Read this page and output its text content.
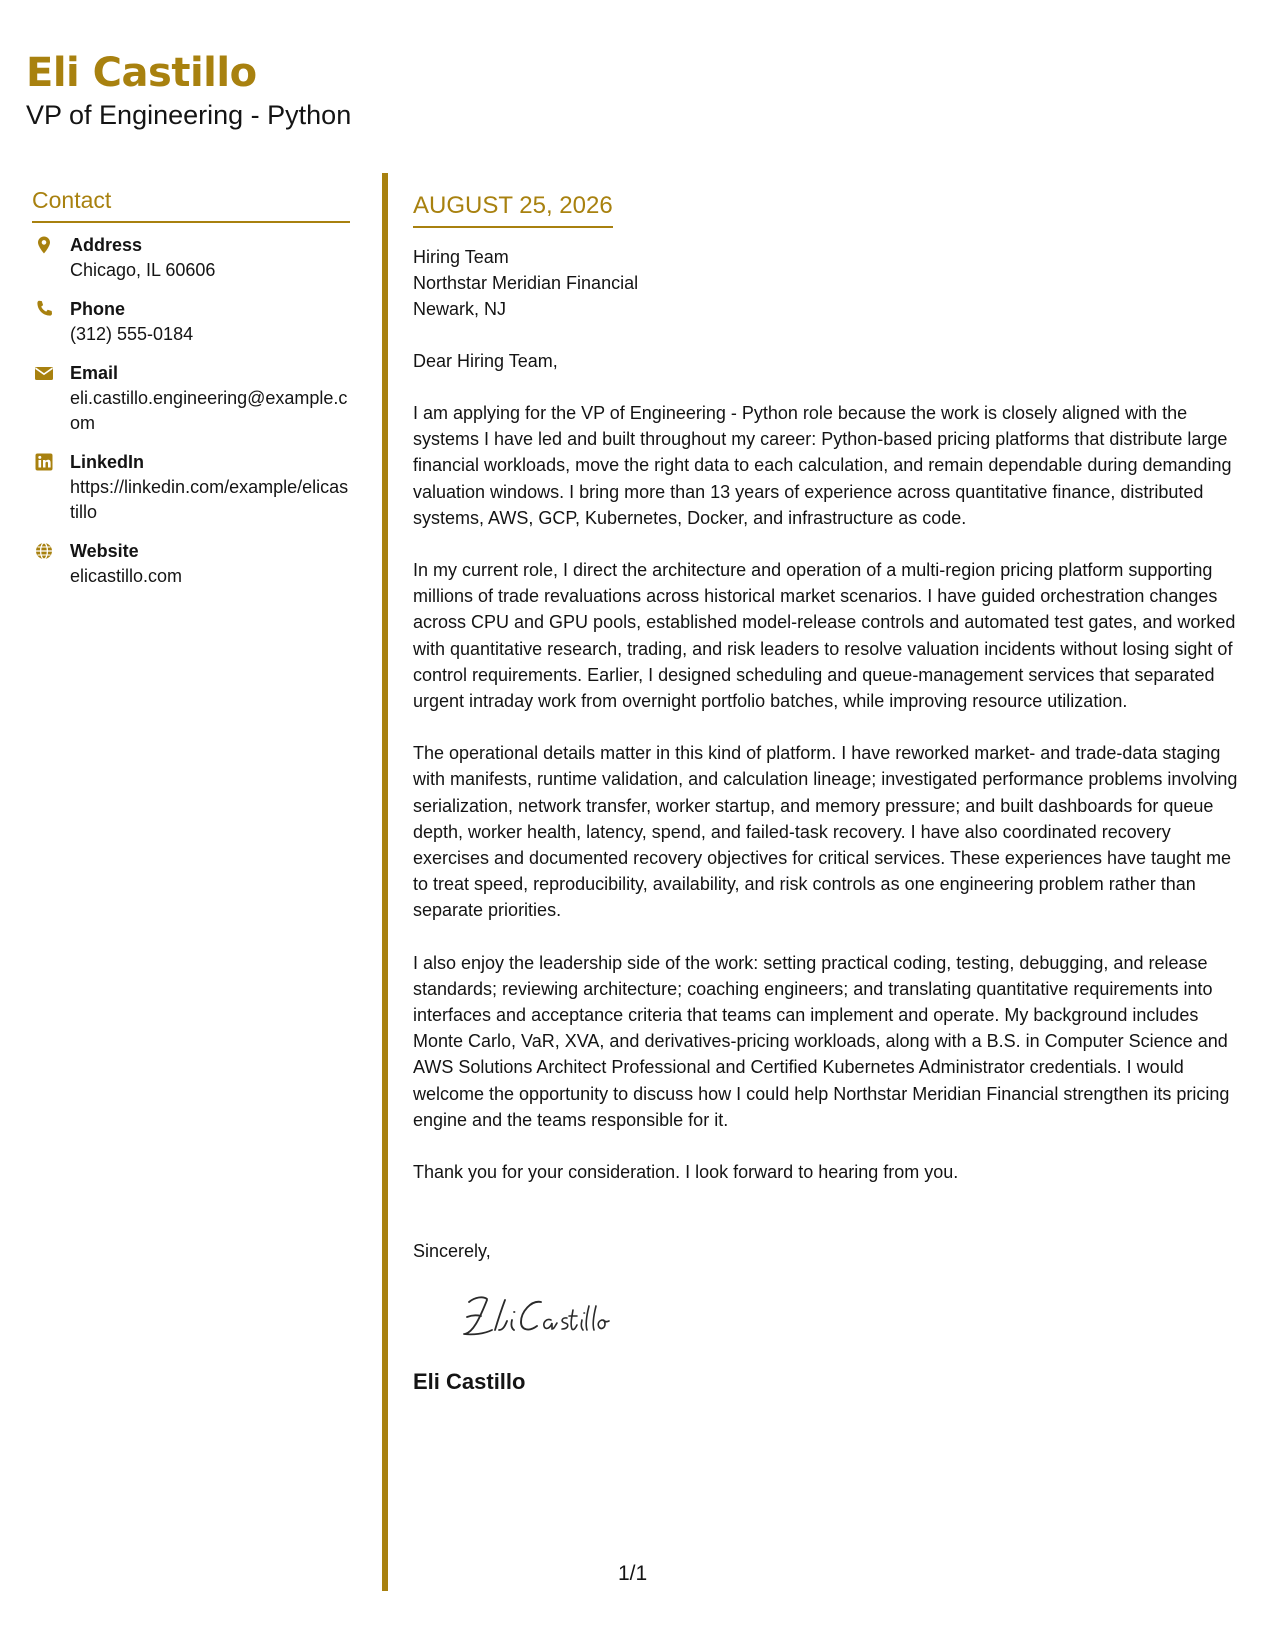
Eli Castillo
VP of Engineering - Python
Contact
Address
Chicago, IL 60606
Phone
(312) 555-0184
Email
eli.castillo.engineering@example.com
LinkedIn
https://linkedin.com/example/elicastillo
Website
elicastillo.com
AUGUST 25, 2026
Hiring Team
Northstar Meridian Financial
Newark, NJ
Dear Hiring Team,
I am applying for the VP of Engineering - Python role because the work is closely aligned with the systems I have led and built throughout my career: Python-based pricing platforms that distribute large financial workloads, move the right data to each calculation, and remain dependable during demanding valuation windows. I bring more than 13 years of experience across quantitative finance, distributed systems, AWS, GCP, Kubernetes, Docker, and infrastructure as code.
In my current role, I direct the architecture and operation of a multi-region pricing platform supporting millions of trade revaluations across historical market scenarios. I have guided orchestration changes across CPU and GPU pools, established model-release controls and automated test gates, and worked with quantitative research, trading, and risk leaders to resolve valuation incidents without losing sight of control requirements. Earlier, I designed scheduling and queue-management services that separated urgent intraday work from overnight portfolio batches, while improving resource utilization.
The operational details matter in this kind of platform. I have reworked market- and trade-data staging with manifests, runtime validation, and calculation lineage; investigated performance problems involving serialization, network transfer, worker startup, and memory pressure; and built dashboards for queue depth, worker health, latency, spend, and failed-task recovery. I have also coordinated recovery exercises and documented recovery objectives for critical services. These experiences have taught me to treat speed, reproducibility, availability, and risk controls as one engineering problem rather than separate priorities.
I also enjoy the leadership side of the work: setting practical coding, testing, debugging, and release standards; reviewing architecture; coaching engineers; and translating quantitative requirements into interfaces and acceptance criteria that teams can implement and operate. My background includes Monte Carlo, VaR, XVA, and derivatives-pricing workloads, along with a B.S. in Computer Science and AWS Solutions Architect Professional and Certified Kubernetes Administrator credentials. I would welcome the opportunity to discuss how I could help Northstar Meridian Financial strengthen its pricing engine and the teams responsible for it.
Thank you for your consideration. I look forward to hearing from you.
Sincerely,
Eli Castillo
1/1
